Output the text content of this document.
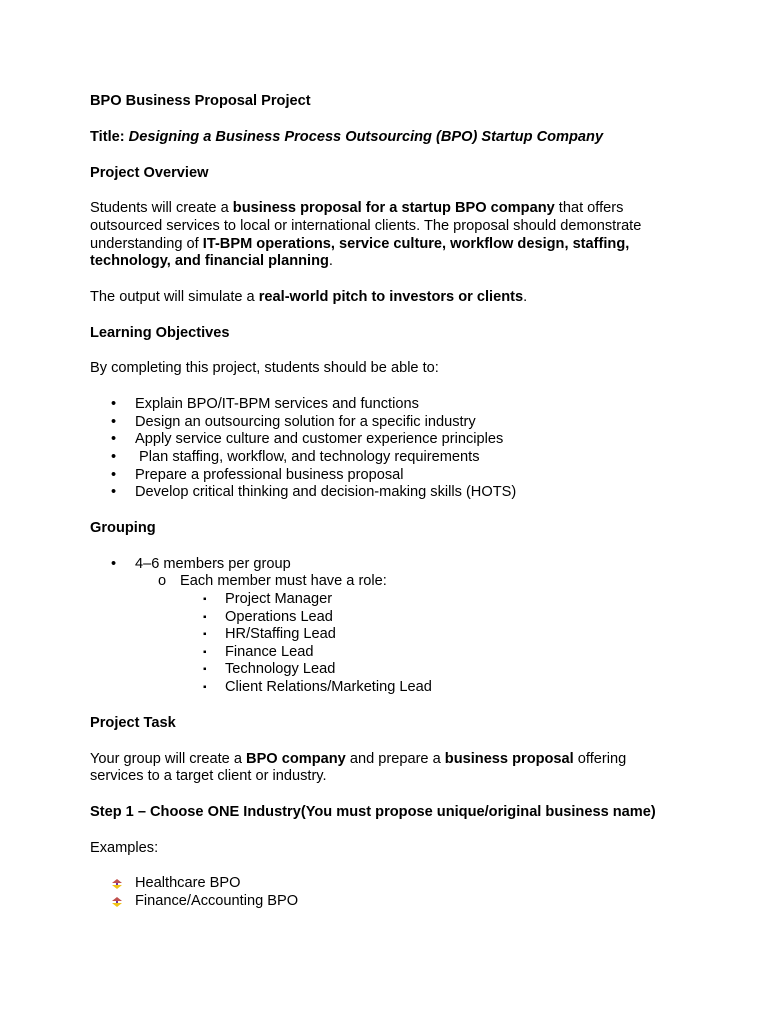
BPO Business Proposal Project

Title: Designing a Business Process Outsourcing (BPO) Startup Company

Project Overview

Students will create a business proposal for a startup BPO company that offers outsourced services to local or international clients. The proposal should demonstrate understanding of IT-BPM operations, service culture, workflow design, staffing, technology, and financial planning.

The output will simulate a real-world pitch to investors or clients.

Learning Objectives

By completing this project, students should be able to:

• Explain BPO/IT-BPM services and functions
• Design an outsourcing solution for a specific industry
• Apply service culture and customer experience principles
• Plan staffing, workflow, and technology requirements
• Prepare a professional business proposal
• Develop critical thinking and decision-making skills (HOTS)

Grouping

• 4–6 members per group
o Each member must have a role:
▪ Project Manager
▪ Operations Lead
▪ HR/Staffing Lead
▪ Finance Lead
▪ Technology Lead
▪ Client Relations/Marketing Lead

Project Task

Your group will create a BPO company and prepare a business proposal offering services to a target client or industry.

Step 1 – Choose ONE Industry(You must propose unique/original business name)

Examples:

Healthcare BPO
Finance/Accounting BPO
